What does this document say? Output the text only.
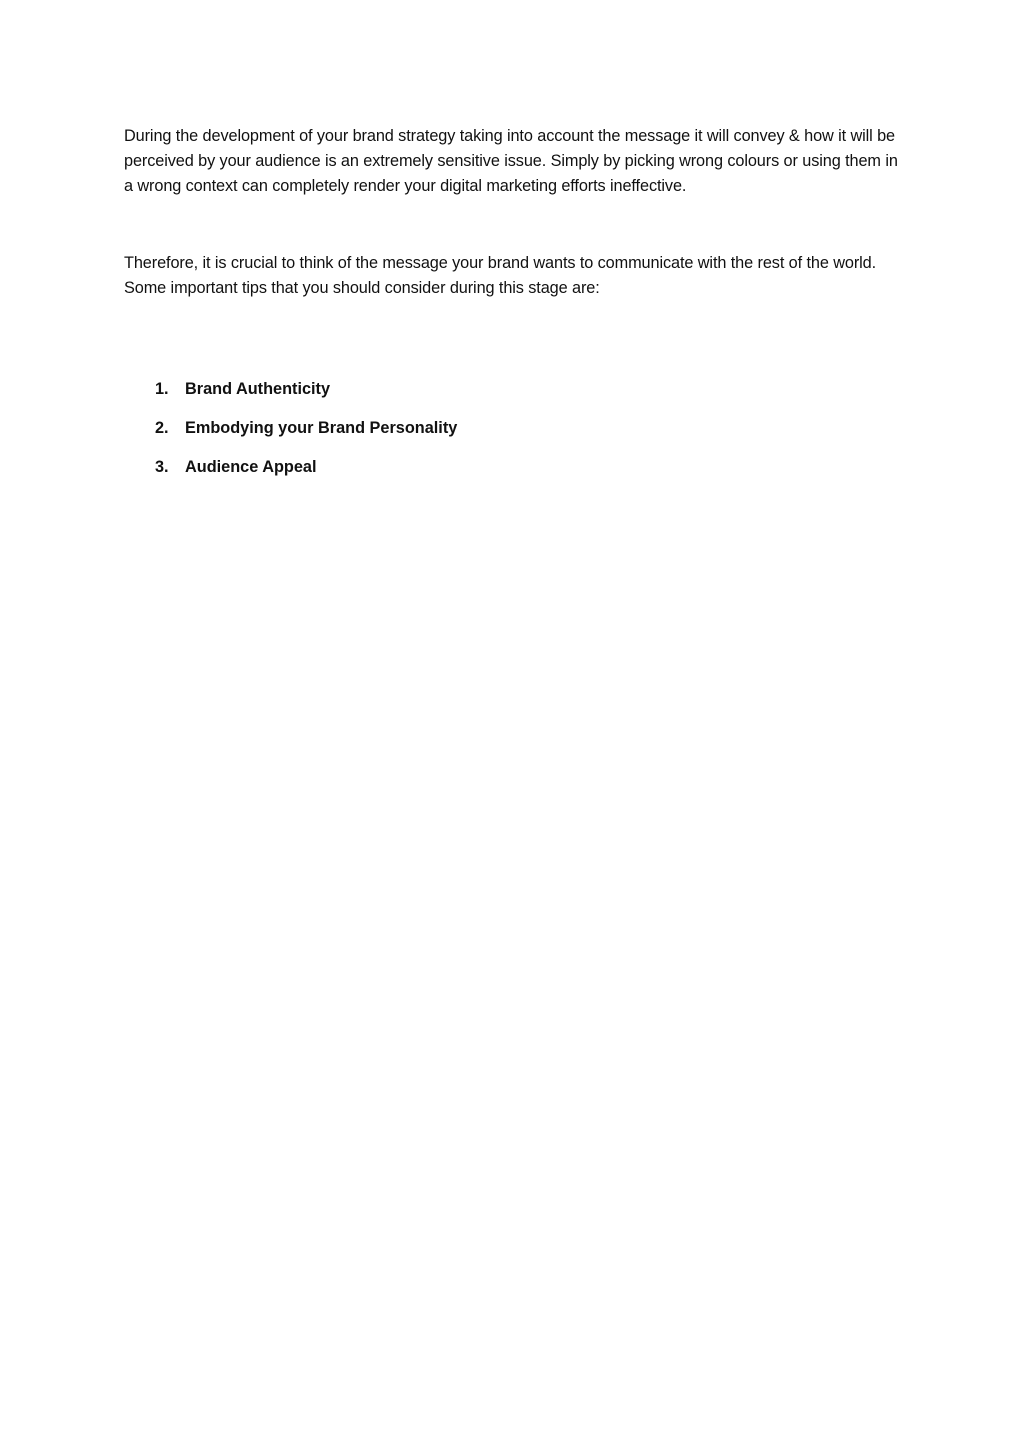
During the development of your brand strategy taking into account the message it will convey & how it will be perceived by your audience is an extremely sensitive issue. Simply by picking wrong colours or using them in a wrong context can completely render your digital marketing efforts ineffective.

Therefore, it is crucial to think of the message your brand wants to communicate with the rest of the world. Some important tips that you should consider during this stage are:

1.	Brand Authenticity
2.	Embodying your Brand Personality
3.	Audience Appeal
